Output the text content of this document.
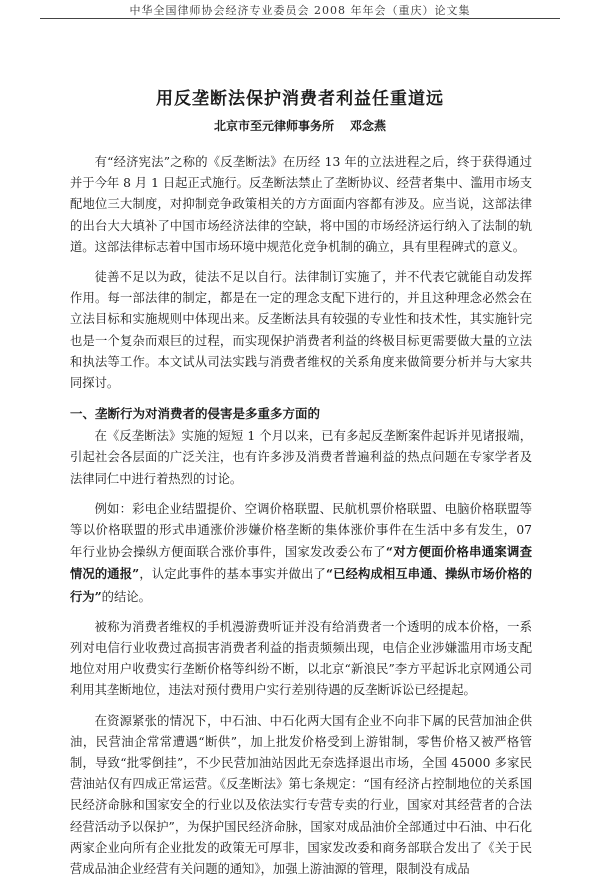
中华全国律师协会经济专业委员会 2008 年年会（重庆）论文集
用反垄断法保护消费者利益任重道远
北京市至元律师事务所 邓念燕

有“经济宪法”之称的《反垄断法》在历经 13 年的立法进程之后，终于获得通过并于今年 8 月 1 日起正式施行。反垄断法禁止了垄断协议、经营者集中、滥用市场支配地位三大制度，对抑制竞争政策相关的方方面面内容都有涉及。应当说，这部法律的出台大大填补了中国市场经济法律的空缺，将中国的市场经济运行纳入了法制的轨道。这部法律标志着中国市场环境中规范化竞争机制的确立，具有里程碑式的意义。

徒善不足以为政，徒法不足以自行。法律制订实施了，并不代表它就能自动发挥作用。每一部法律的制定，都是在一定的理念支配下进行的，并且这种理念必然会在立法目标和实施规则中体现出来。反垄断法具有较强的专业性和技术性，其实施针完也是一个复杂而艰巨的过程，而实现保护消费者利益的终极目标更需要做大量的立法和执法等工作。本文试从司法实践与消费者维权的关系角度来做简要分析并与大家共同探讨。

一、垄断行为对消费者的侵害是多重多方面的

在《反垄断法》实施的短短 1 个月以来，已有多起反垄断案件起诉并见诸报端，引起社会各层面的广泛关注，也有许多涉及消费者普遍利益的热点问题在专家学者及法律同仁中进行着热烈的讨论。

例如：彩电企业结盟提价、空调价格联盟、民航机票价格联盟、电脑价格联盟等等以价格联盟的形式串通涨价涉嫌价格垄断的集体涨价事件在生活中多有发生，07 年行业协会操纵方便面联合涨价事件，国家发改委公布了“对方便面价格串通案调查情况的通报”，认定此事件的基本事实并做出了“已经构成相互串通、操纵市场价格的行为”的结论。

被称为消费者维权的手机漫游费听证并没有给消费者一个透明的成本价格，一系列对电信行业收费过高损害消费者利益的指责频频出现，电信企业涉嫌滥用市场支配地位对用户收费实行垄断价格等纠纷不断，以北京“新浪民”李方平起诉北京网通公司利用其垄断地位，违法对预付费用户实行差别待遇的反垄断诉讼已经提起。

在资源紧张的情况下，中石油、中石化两大国有企业不向非下属的民营加油企供油，民营油企常常遭遇“断供”，加上批发价格受到上游钳制，零售价格又被严格管制，导致“批零倒挂”，不少民营加油站因此无奈选择退出市场，全国 45000 多家民营油站仅有四成正常运营。《反垄断法》第七条规定：“国有经济占控制地位的关系国民经济命脉和国家安全的行业以及依法实行专营专卖的行业，国家对其经营者的合法经营活动予以保护”，为保护国民经济命脉，国家对成品油价全部通过中石油、中石化两家企业向所有企业批发的政策无可厚非，国家发改委和商务部联合发出了《关于民营成品油企业经营有关问题的通知》，加强上游油源的管理，限制没有成品
